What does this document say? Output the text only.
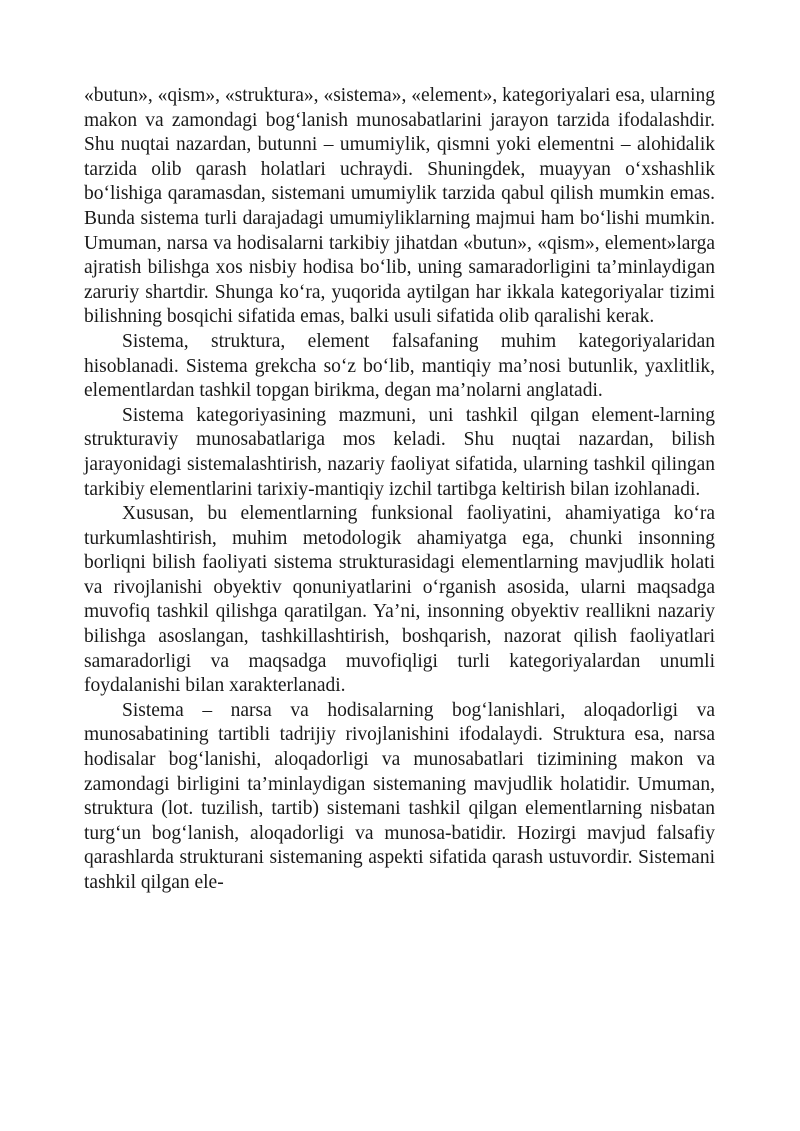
«butun», «qism», «struktura», «sistema», «element», kategoriyalari esa, ularning makon va zamondagi bog‘lanish munosabatlarini jarayon tarzida ifodalashdir. Shu nuqtai nazardan, butunni – umumiylik, qismni yoki elementni – alohidalik tarzida olib qarash holatlari uchraydi. Shuningdek, muayyan o‘xshashlik bo‘lishiga qaramasdan, sistemani umumiylik tarzida qabul qilish mumkin emas. Bunda sistema turli darajadagi umumiyliklarning majmui ham bo‘lishi mumkin. Umuman, narsa va hodisalarni tarkibiy jihatdan «butun», «qism», element»larga ajratish bilishga xos nisbiy hodisa bo‘lib, uning samaradorligini ta’minlaydigan zaruriy shartdir. Shunga ko‘ra, yuqorida aytilgan har ikkala kategoriyalar tizimi bilishning bosqichi sifatida emas, balki usuli sifatida olib qaralishi kerak.

Sistema, struktura, element falsafaning muhim kategoriyalaridan hisoblanadi. Sistema grekcha so‘z bo‘lib, mantiqiy ma’nosi butunlik, yaxlitlik, elementlardan tashkil topgan birikma, degan ma’nolarni anglatadi.

Sistema kategoriyasining mazmuni, uni tashkil qilgan element-larning strukturaviy munosabatlariga mos keladi. Shu nuqtai nazardan, bilish jarayonidagi sistemalashtirish, nazariy faoliyat sifatida, ularning tashkil qilingan tarkibiy elementlarini tarixiy-mantiqiy izchil tartibga keltirish bilan izohlanadi.

Xususan, bu elementlarning funksional faoliyatini, ahamiyatiga ko‘ra turkumlashtirish, muhim metodologik ahamiyatga ega, chunki insonning borliqni bilish faoliyati sistema strukturasidagi elementlarning mavjudlik holati va rivojlanishi obyektiv qonuniyatlarini o‘rganish asosida, ularni maqsadga muvofiq tashkil qilishga qaratilgan. Ya’ni, insonning obyektiv reallikni nazariy bilishga asoslangan, tashkillashtirish, boshqarish, nazorat qilish faoliyatlari samaradorligi va maqsadga muvofiqligi turli kategoriyalardan unumli foydalanishi bilan xarakterlanadi.

Sistema – narsa va hodisalarning bog‘lanishlari, aloqadorligi va munosabatining tartibli tadrijiy rivojlanishini ifodalaydi. Struktura esa, narsa hodisalar bog‘lanishi, aloqadorligi va munosabatlari tizimining makon va zamondagi birligini ta’minlaydigan sistemaning mavjudlik holatidir. Umuman, struktura (lot. tuzilish, tartib) sistemani tashkil qilgan elementlarning nisbatan turg‘un bog‘lanish, aloqadorligi va munosa-batidir. Hozirgi mavjud falsafiy qarashlarda strukturani sistemaning aspekti sifatida qarash ustuvordir. Sistemani tashkil qilgan ele-
